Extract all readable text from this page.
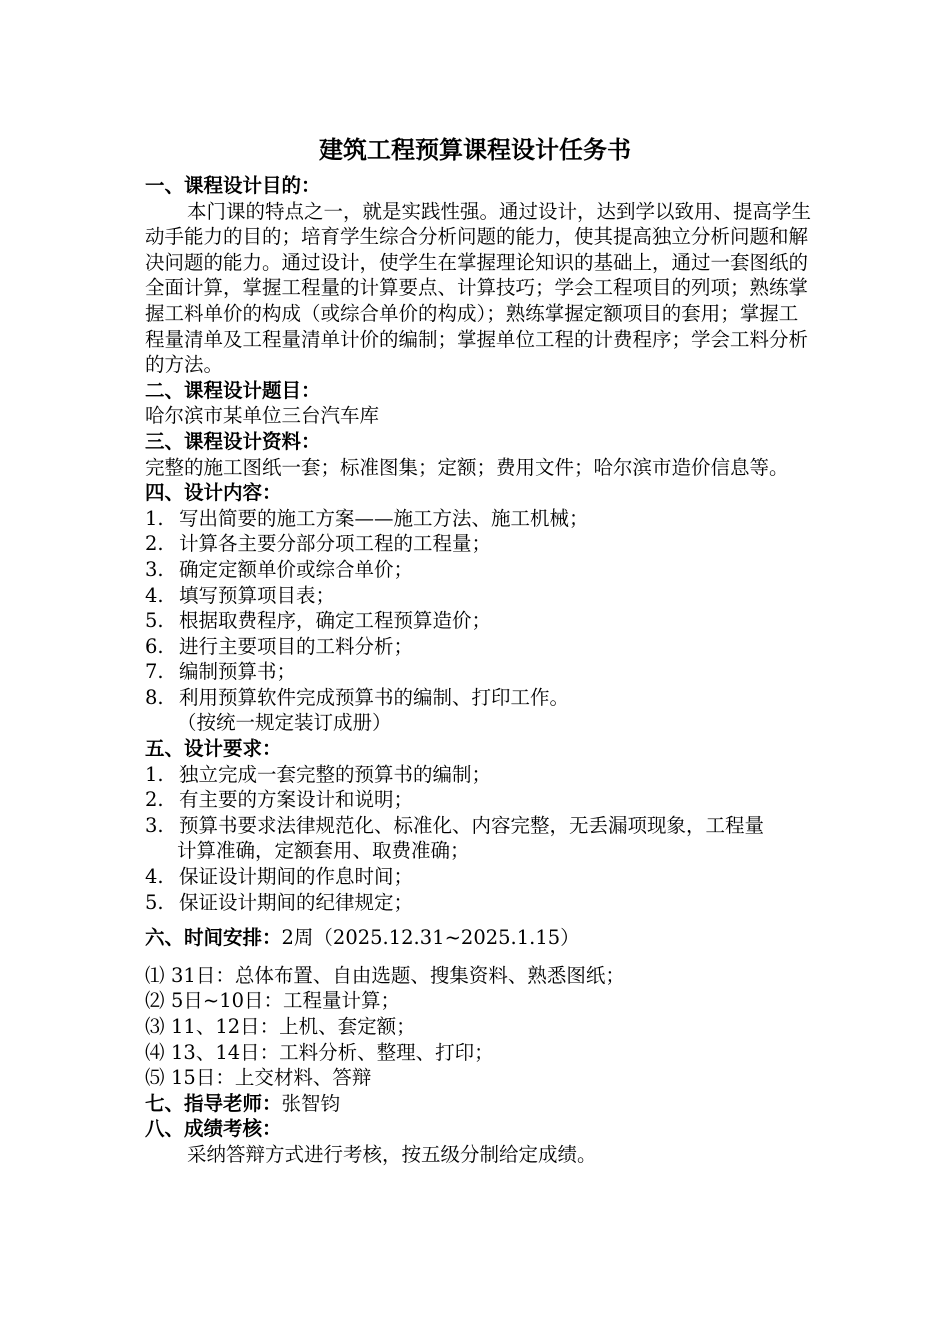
建筑工程预算课程设计任务书
一、课程设计目的：

本门课的特点之一，就是实践性强。通过设计，达到学以致用、提高学生动手能力的目的；培育学生综合分析问题的能力，使其提高独立分析问题和解决问题的能力。通过设计，使学生在掌握理论知识的基础上，通过一套图纸的全面计算，掌握工程量的计算要点、计算技巧；学会工程项目的列项；熟练掌握工料单价的构成（或综合单价的构成）；熟练掌握定额项目的套用；掌握工程量清单及工程量清单计价的编制；掌握单位工程的计费程序；学会工料分析的方法。

二、课程设计题目：

哈尔滨市某单位三台汽车库

三、课程设计资料：

完整的施工图纸一套；标准图集；定额；费用文件；哈尔滨市造价信息等。

四、设计内容：
1. 写出简要的施工方案——施工方法、施工机械；
2. 计算各主要分部分项工程的工程量；
3. 确定定额单价或综合单价；
4. 填写预算项目表；
5. 根据取费程序，确定工程预算造价；
6. 进行主要项目的工料分析；
7. 编制预算书；
8. 利用预算软件完成预算书的编制、打印工作。
（按统一规定装订成册）
五、设计要求：
1. 独立完成一套完整的预算书的编制；
2. 有主要的方案设计和说明；
3. 预算书要求法律规范化、标准化、内容完整，无丢漏项现象，工程量
计算准确，定额套用、取费准确；
4. 保证设计期间的作息时间；
5. 保证设计期间的纪律规定；
六、时间安排：2周（2025.12.31~2025.1.15）
⑴ 31日：总体布置、自由选题、搜集资料、熟悉图纸；
⑵ 5日~10日：工程量计算；
⑶ 11、12日：上机、套定额；
⑷ 13、14日：工料分析、整理、打印；
⑸ 15日：上交材料、答辩
七、指导老师：张智钧
八、成绩考核：

采纳答辩方式进行考核，按五级分制给定成绩。
